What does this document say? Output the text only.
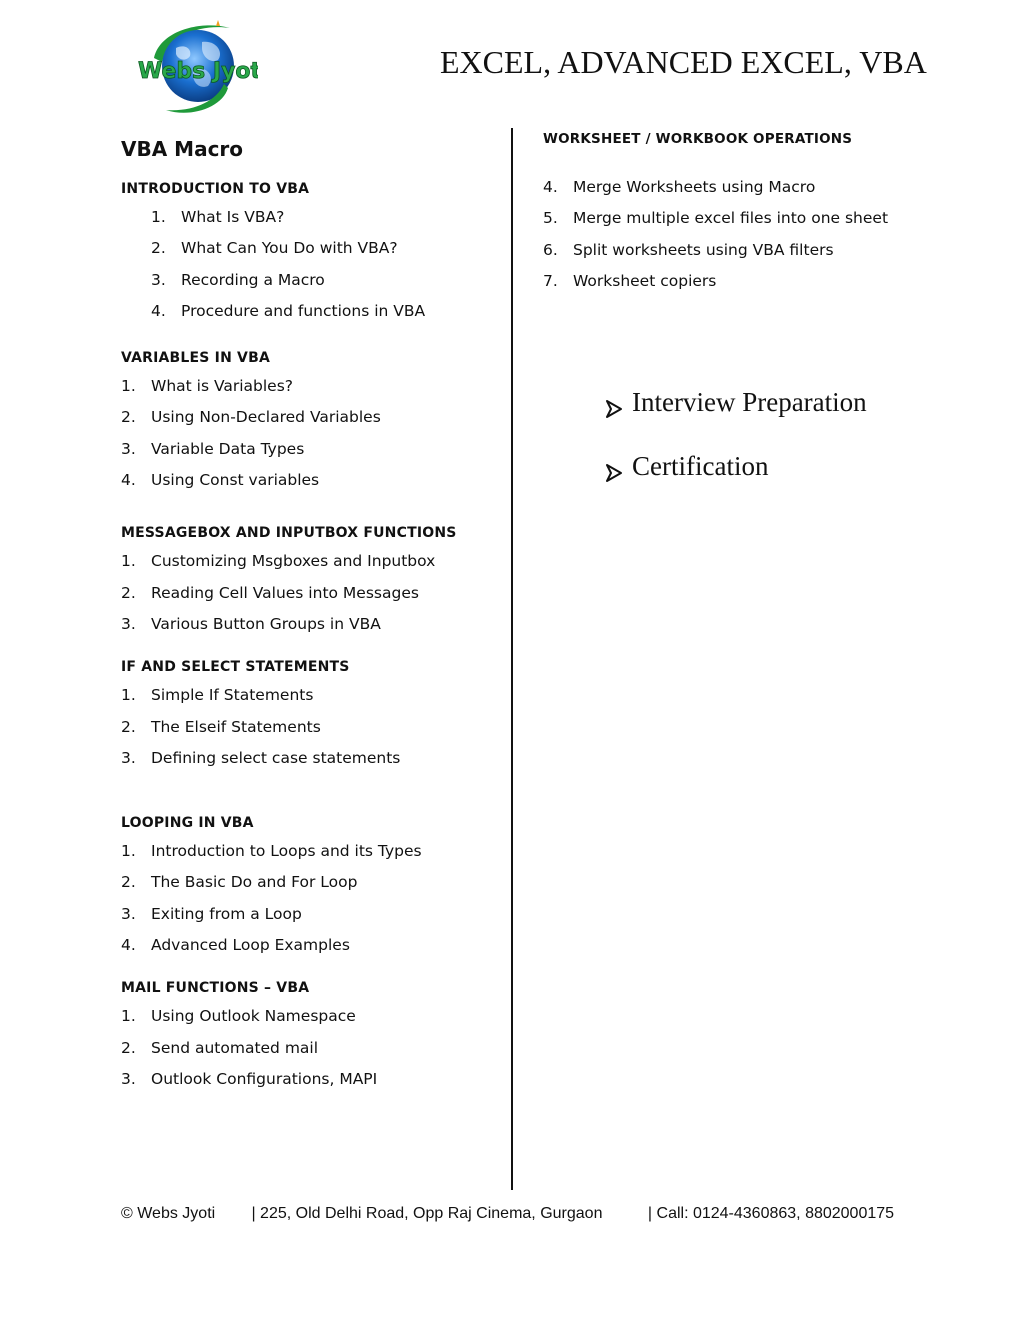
Webs Jyoti	EXCEL, ADVANCED EXCEL, VBA
VBA Macro
INTRODUCTION TO VBA
1. What Is VBA?
2. What Can You Do with VBA?
3. Recording a Macro
4. Procedure and functions in VBA
VARIABLES IN VBA
1. What is Variables?
2. Using Non-Declared Variables
3. Variable Data Types
4. Using Const variables
MESSAGEBOX AND INPUTBOX FUNCTIONS
1. Customizing Msgboxes and Inputbox
2. Reading Cell Values into Messages
3. Various Button Groups in VBA
IF AND SELECT STATEMENTS
1. Simple If Statements
2. The Elseif Statements
3. Defining select case statements
LOOPING IN VBA
1. Introduction to Loops and its Types
2. The Basic Do and For Loop
3. Exiting from a Loop
4. Advanced Loop Examples
MAIL FUNCTIONS – VBA
1. Using Outlook Namespace
2. Send automated mail
3. Outlook Configurations, MAPI
WORKSHEET / WORKBOOK OPERATIONS
4. Merge Worksheets using Macro
5. Merge multiple excel files into one sheet
6. Split worksheets using VBA filters
7. Worksheet copiers
Interview Preparation
Certification
© Webs Jyoti | 225, Old Delhi Road, Opp Raj Cinema, Gurgaon	| Call: 0124-4360863, 8802000175
